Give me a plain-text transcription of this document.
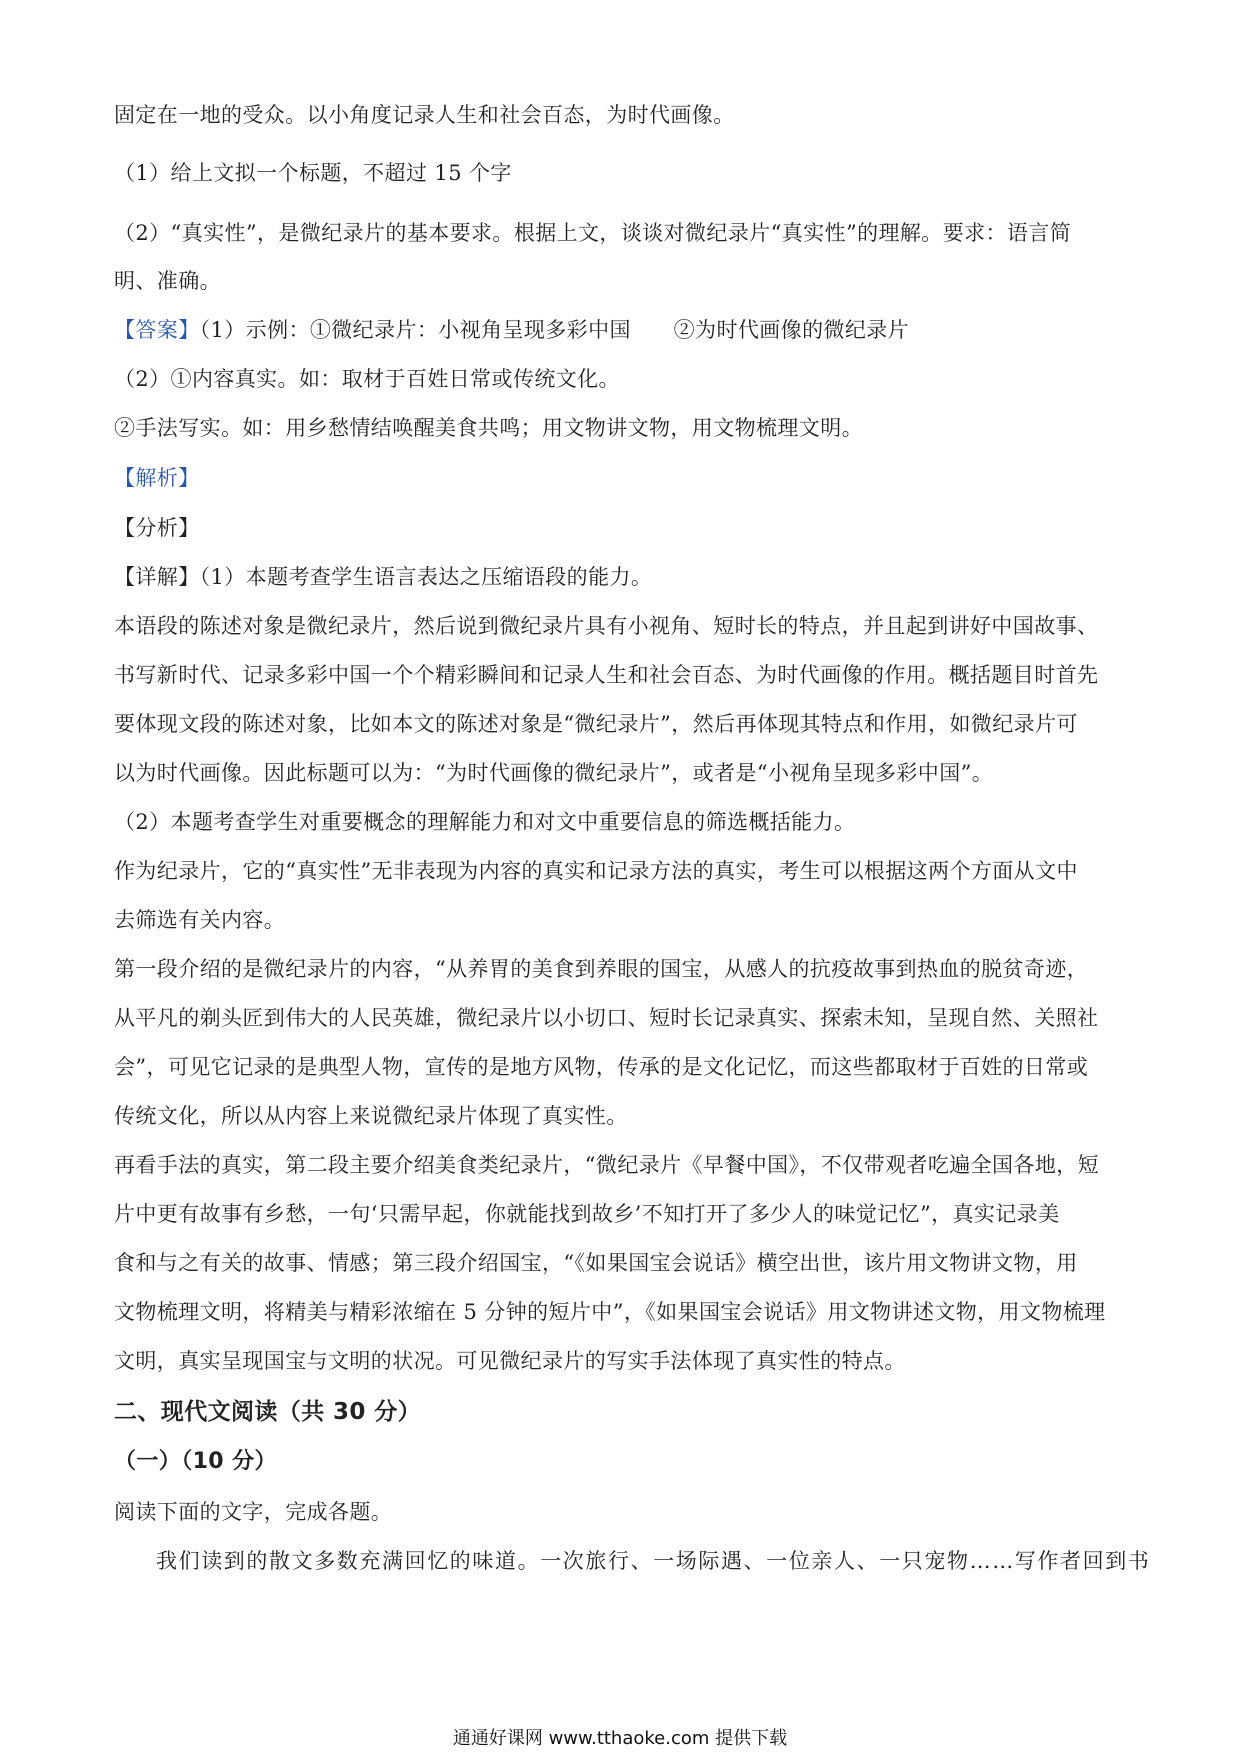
固定在一地的受众。以小角度记录人生和社会百态，为时代画像。
（1）给上文拟一个标题，不超过 15 个字
（2）“真实性”，是微纪录片的基本要求。根据上文，谈谈对微纪录片“真实性”的理解。要求：语言简
明、准确。
【答案】（1）示例：①微纪录片：小视角呈现多彩中国　　②为时代画像的微纪录片
（2）①内容真实。如：取材于百姓日常或传统文化。
②手法写实。如：用乡愁情结唤醒美食共鸣；用文物讲文物，用文物梳理文明。
【解析】
【分析】
【详解】（1）本题考查学生语言表达之压缩语段的能力。
本语段的陈述对象是微纪录片，然后说到微纪录片具有小视角、短时长的特点，并且起到讲好中国故事、
书写新时代、记录多彩中国一个个精彩瞬间和记录人生和社会百态、为时代画像的作用。概括题目时首先
要体现文段的陈述对象，比如本文的陈述对象是“微纪录片”，然后再体现其特点和作用，如微纪录片可
以为时代画像。因此标题可以为：“为时代画像的微纪录片”，或者是“小视角呈现多彩中国”。
（2）本题考查学生对重要概念的理解能力和对文中重要信息的筛选概括能力。
作为纪录片，它的“真实性”无非表现为内容的真实和记录方法的真实，考生可以根据这两个方面从文中
去筛选有关内容。
第一段介绍的是微纪录片的内容，“从养胃的美食到养眼的国宝，从感人的抗疫故事到热血的脱贫奇迹，
从平凡的剃头匠到伟大的人民英雄，微纪录片以小切口、短时长记录真实、探索未知，呈现自然、关照社
会”，可见它记录的是典型人物，宣传的是地方风物，传承的是文化记忆，而这些都取材于百姓的日常或
传统文化，所以从内容上来说微纪录片体现了真实性。
再看手法的真实，第二段主要介绍美食类纪录片，“微纪录片《早餐中国》，不仅带观者吃遍全国各地，短
片中更有故事有乡愁，一句‘只需早起，你就能找到故乡’不知打开了多少人的味觉记忆”，真实记录美
食和与之有关的故事、情感；第三段介绍国宝，“《如果国宝会说话》横空出世，该片用文物讲文物，用
文物梳理文明，将精美与精彩浓缩在 5 分钟的短片中”，《如果国宝会说话》用文物讲述文物，用文物梳理
文明，真实呈现国宝与文明的状况。可见微纪录片的写实手法体现了真实性的特点。
二、现代文阅读（共 30 分）
（一）（10 分）
阅读下面的文字，完成各题。
我们读到的散文多数充满回忆的味道。一次旅行、一场际遇、一位亲人、一只宠物……写作者回到书
通通好课网 www.tthaoke.com 提供下载
